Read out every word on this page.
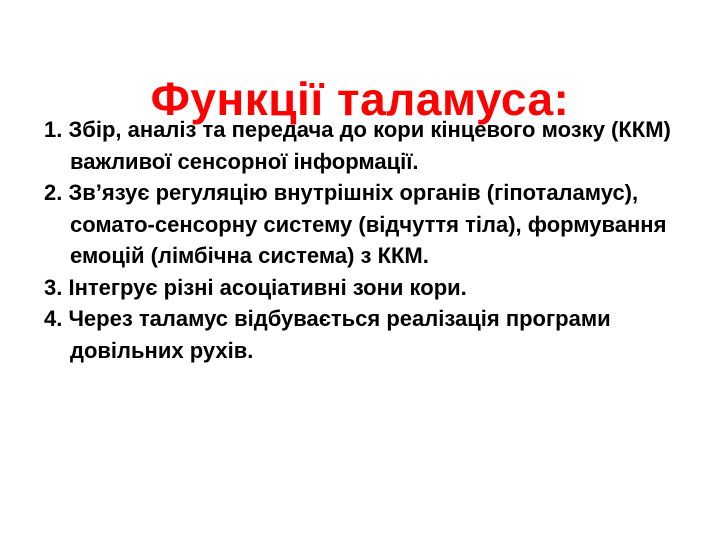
Функції таламуса:
1. Збір, аналіз та передача до кори кінцевого мозку (ККМ) важливої сенсорної інформації.
2. Зв’язує регуляцію внутрішніх органів (гіпоталамус), сомато-сенсорну систему (відчуття тіла), формування емоцій (лімбічна система) з ККМ.
3. Інтегрує різні асоціативні зони кори.
4. Через таламус відбувається реалізація програми довільних рухів.
